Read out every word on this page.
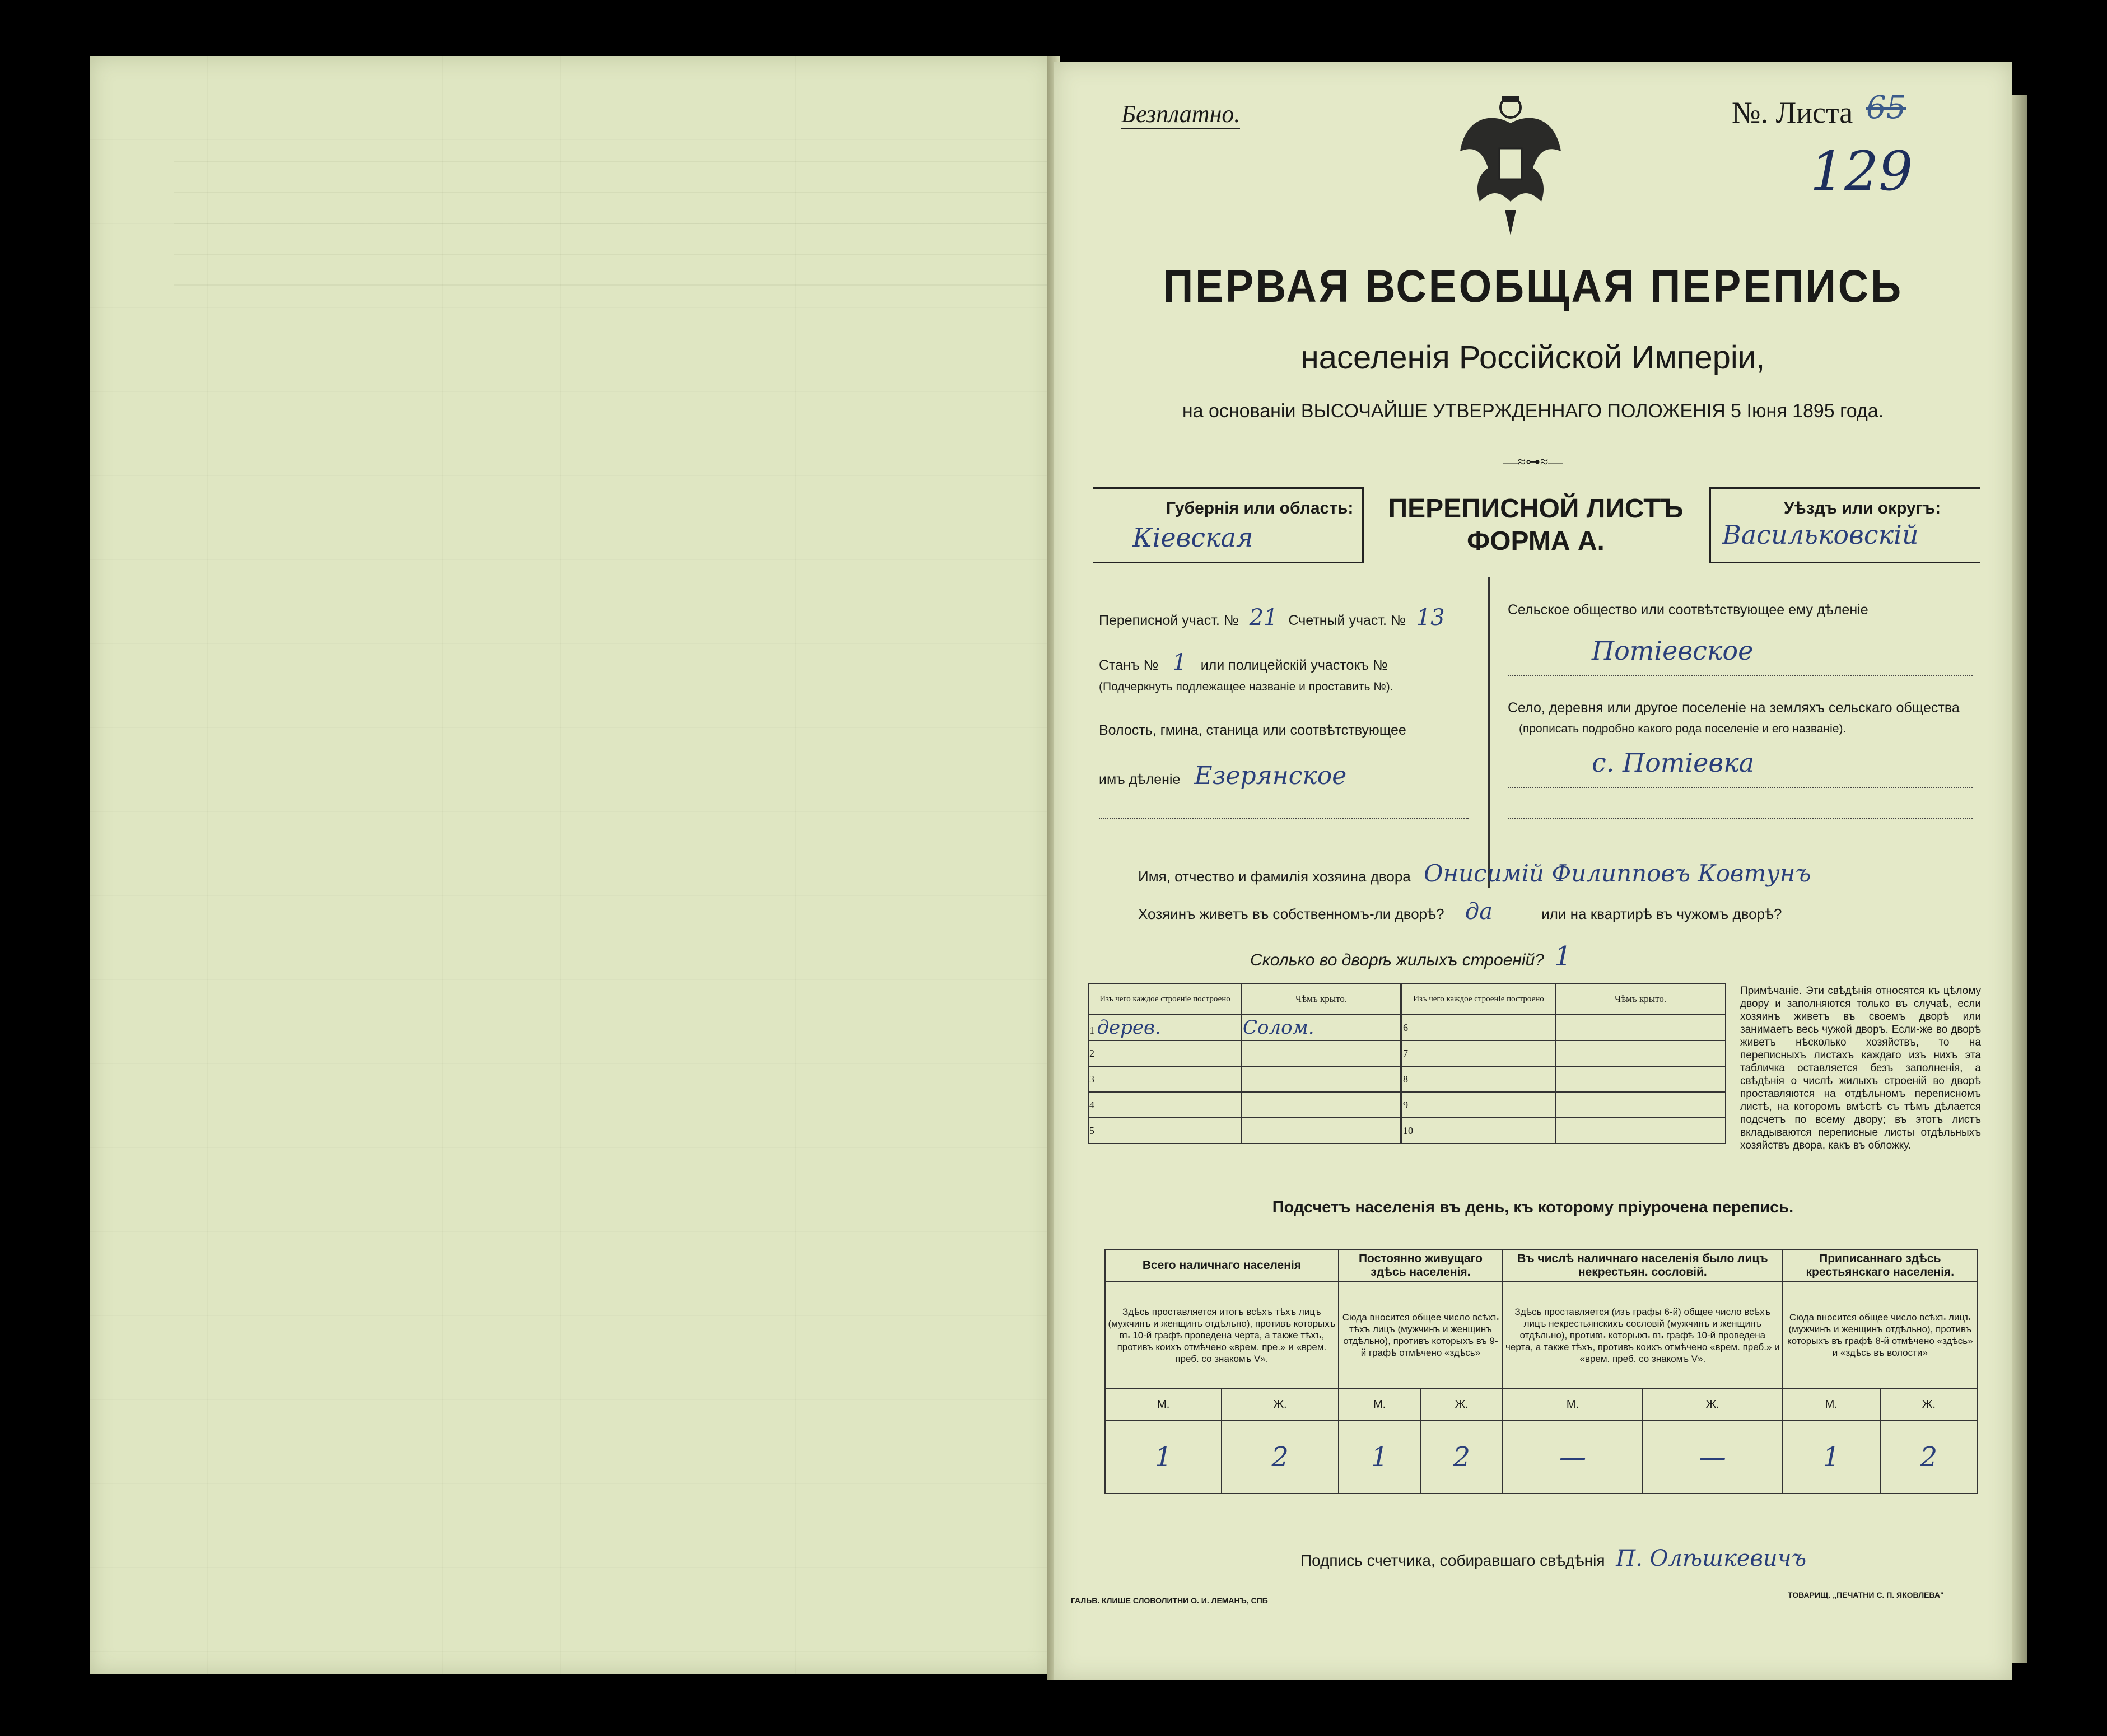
Безплатно.	№. Листа 65
129
ПЕРВАЯ ВСЕОБЩАЯ ПЕРЕПИСЬ
населенія Россійской Имперіи,
на основаніи ВЫСОЧАЙШЕ УТВЕРЖДЕННАГО ПОЛОЖЕНІЯ 5 Іюня 1895 года.
—≈⊶≈—
Губернія или область:
Кіевская
ПЕРЕПИСНОЙ ЛИСТЪ
ФОРМА А.
Уѣздъ или округъ:
Васильковскій
Переписной участ. № 21 Счетный участ. № 13
Станъ № 1 или полицейскій участокъ №
(Подчеркнуть подлежащее названіе и проставить №).
Волость, гмина, станица или соотвѣтствующее
имъ дѣленіе Езерянское
Сельское общество или соотвѣтствующее ему дѣленіе
Потіевское
Село, деревня или другое поселеніе на земляхъ сельскаго общества
(прописать подробно какого рода поселеніе и его названіе).
с. Потіевка
Имя, отчество и фамилія хозяина двора Онисимій Филипповъ Ковтунъ
Хозяинъ живетъ въ собственномъ-ли дворѣ? да	или на квартирѣ въ чужомъ дворѣ?
Сколько во дворѣ жилыхъ строеній? 1
Изъ чего каждое строеніе построено	Чѣмъ крыто.
1 дерев.	Солом.
2	
3	
4	
5	
Изъ чего каждое строеніе построено	Чѣмъ крыто.
6	
7	
8	
9	
10	
Примѣчаніе. Эти свѣдѣнія относятся къ цѣлому двору и заполняются только въ случаѣ, если хозяинъ живетъ въ своемъ дворѣ или занимаетъ весь чужой дворъ. Если-же во дворѣ живетъ нѣсколько хозяйствъ, то на переписныхъ листахъ каждаго изъ нихъ эта табличка оставляется безъ заполненія, а свѣдѣнія о числѣ жилыхъ строеній во дворѣ проставляются на отдѣльномъ переписномъ листѣ, на которомъ вмѣстѣ съ тѣмъ дѣлается подсчетъ по всему двору; въ этотъ листъ вкладываются переписные листы отдѣльныхъ хозяйствъ двора, какъ въ обложку.
Подсчетъ населенія въ день, къ которому пріурочена перепись.
Всего наличнаго населенія		Постоянно живущаго здѣсь населенія.		Въ числѣ наличнаго населенія было лицъ некрестьян. сословій.		Приписаннаго здѣсь крестьянскаго населенія.	
Здѣсь проставляется итогъ всѣхъ тѣхъ лицъ (мужчинъ и женщинъ отдѣльно), противъ которыхъ въ 10-й графѣ проведена черта, а также тѣхъ, противъ коихъ отмѣчено «врем. пре.» и «врем. преб. со знакомъ V».		Сюда вносится общее число всѣхъ тѣхъ лицъ (мужчинъ и женщинъ отдѣльно), противъ которыхъ въ 9-й графѣ отмѣчено «здѣсь»		Здѣсь проставляется (изъ графы 6-й) общее число всѣхъ лицъ некрестьянскихъ сословій (мужчинъ и женщинъ отдѣльно), противъ которыхъ въ графѣ 10-й проведена черта, а также тѣхъ, противъ коихъ отмѣчено «врем. преб.» и «врем. преб. со знакомъ V».		Сюда вносится общее число всѣхъ лицъ (мужчинъ и женщинъ отдѣльно), противъ которыхъ въ графѣ 8-й отмѣчено «здѣсь» и «здѣсь въ волости»	
М.	Ж.	М.	Ж.	М.	Ж.	М.	Ж.
1	2	1	2	—	—	1	2
Подпись счетчика, собиравшаго свѣдѣнія П. Олѣшкевичъ
ГАЛЬВ. КЛИШЕ СЛОВОЛИТНИ О. И. ЛЕМАНЪ, СПБ
ТОВАРИЩ. „ПЕЧАТНИ С. П. ЯКОВЛЕВА"
